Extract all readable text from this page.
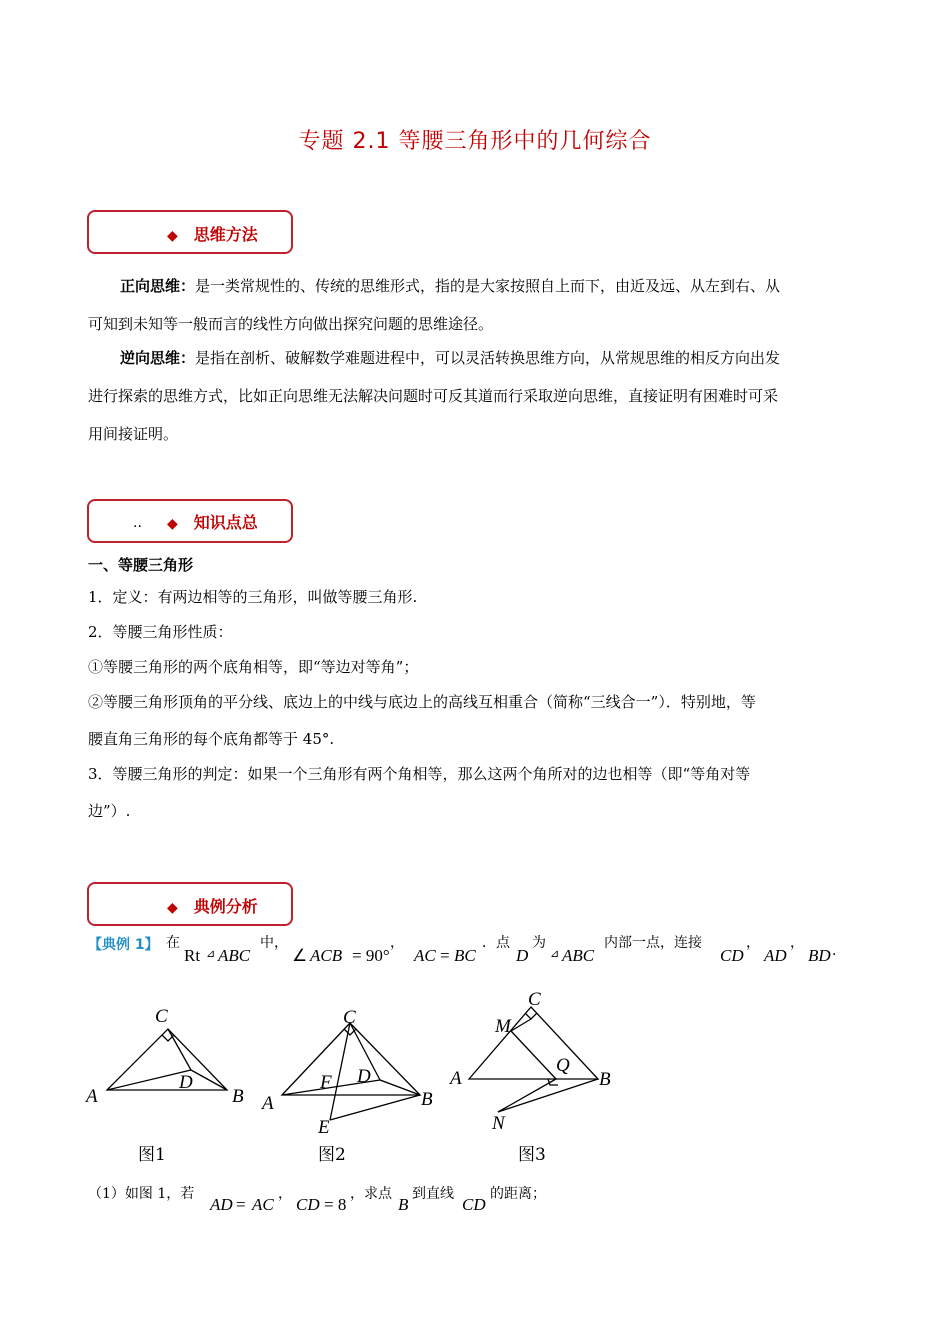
专题 2.1 等腰三角形中的几何综合
◆ 思维方法
正向思维：是一类常规性的、传统的思维形式，指的是大家按照自上而下，由近及远、从左到右、从
可知到未知等一般而言的线性方向做出探究问题的思维途径。
逆向思维：是指在剖析、破解数学难题进程中，可以灵活转换思维方向，从常规思维的相反方向出发
进行探索的思维方式，比如正向思维无法解决问题时可反其道而行采取逆向思维，直接证明有困难时可采
用间接证明。
◆ 知识点总
··
一、等腰三角形
1．定义：有两边相等的三角形，叫做等腰三角形.
2．等腰三角形性质：
①等腰三角形的两个底角相等，即“等边对等角”；
②等腰三角形顶角的平分线、底边上的中线与底边上的高线互相重合（简称“三线合一”）．特别地，等
腰直角三角形的每个底角都等于 45°.
3．等腰三角形的判定：如果一个三角形有两个角相等，那么这两个角所对的边也相等（即“等角对等
边”）.
◆ 典例分析
【典例 1】 在
Rt ⊿ ABC
中，
∠ ACB = 90°
，
AC = BC
．点
D
为
⊿ ABC
内部一点，连接
CD
，
AD
，
BD ．
C
A
D
B
图1
C
A
F D
B
E
图2
C
M
A
Q
B
N
图3
（1）如图 1，若
AD = AC
，
CD = 8
，求点
B
到直线
CD
的距离；
